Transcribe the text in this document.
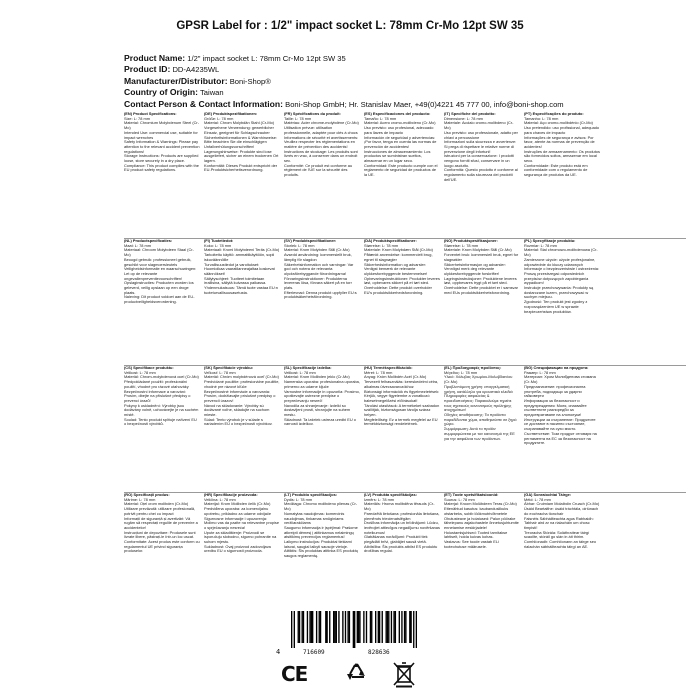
GPSR Label for : 1/2" impact socket L: 78mm Cr-Mo 12pt SW 35
Product Name: 1/2" impact socket L: 78mm Cr-Mo 12pt SW 35
Product ID: DD-A4235WL
Manufacturer/Distributor: Boni-Shop®
Country of Origin: Taiwan
Contact Person & Contact Information: Boni-Shop GmbH; Hr. Stanislav Maer, +49(0)4221 45 777 00, info@boni-shop.com
(EN) Product Specifications:
Size: L: 78 mm
Material: Chromium Molybdenum Steel (Cr-Mo)
Intended Use: commercial use, suitable for impact wrenches
Safety Information & Warnings: Please pay attention to the relevant accident prevention regulations!
Storage Instructions: Products are supplied loose, store securely in a dry place.
Compliance: This product complies with the EU product safety regulations.
(DE) Produktspezifikationen:
Größe: L: 78 mm
Material: Chrom Molybdän Stahl (Cr-Mo)
Vorgesehene Verwendung: gewerblicher Einsatz, geeignet für Schlagschrauber
Sicherheitsinformationen & Warnhinweise: Bitte beachten Sie die einschlägigen Unfallverhütungsvorschriften!
Lagerungshinweise: Produkte sind lose ausgeliefert, sicher an einem trockenen Ort lagern.
Konformität: Dieses Produkt entspricht der EU-Produktsicherheitsverordnung.
(FR) Spécifications du produit:
Taille: L: 78 mm
Matériau: Acier chrome-molybdène (Cr-Mo)
Utilisation prévue: utilisation professionnelle, adaptée pour clés à chocs
Informations de sécurité et avertissements: Veuillez respecter les réglementations en matière de prévention des accidents!
Instructions de stockage: Les produits sont livrés en vrac, à conserver dans un endroit sec.
Conformité: Ce produit est conforme au règlement de l'UE sur la sécurité des produits.
(ES) Especificaciones del producto:
Tamaño: L: 78 mm
Material: Acero cromo-molibdeno (Cr-Mo)
Uso previsto: uso profesional, adecuado para llaves de impacto
Información de seguridad y advertencias: ¡Por favor, tenga en cuenta las normas de prevención de accidentes!
Instrucciones de almacenamiento: Los productos se suministran sueltos, almacenar en un lugar seco.
Conformidad: Este producto cumple con el reglamento de seguridad de productos de la UE.
(IT) Specifiche del prodotto:
Dimensione: L: 78 mm
Materiale: Acciaio cromo-molibdeno (Cr-Mo)
Uso previsto: uso professionale, adatto per chiavi a percussione
Informazioni sulla sicurezza e avvertenze: Si prega di rispettare le relative norme di prevenzione degli infortuni!
Istruzioni per la conservazione: I prodotti vengono forniti sfusi, conservare in un luogo asciutto.
Conformità: Questo prodotto è conforme al regolamento sulla sicurezza dei prodotti dell'UE.
(PT) Especificações do produto:
Tamanho: L: 78 mm
Material: Aço cromo-molibdénio (Cr-Mo)
Uso pretendido: uso profissional, adequado para chaves de impacto
Informações de segurança e avisos: Por favor, atente às normas de prevenção de acidentes!
Instruções de armazenamento: Os produtos são fornecidos soltos, armazenar em local seco.
Conformidade: Este produto está em conformidade com o regulamento de segurança de produtos da UE.
(NL) Productspecificaties:
Maat: L: 78 mm
Materiaal: Chroom Molybdeen Staal (Cr-Mo)
Beoogd gebruik: professioneel gebruik, geschikt voor slagmoersleutels
Veiligheidsinformatie en waarschuwingen: Let op de relevante ongevallenpreventievoorschriften!
Opslaginstructies: Producten worden los geleverd, veilig opslaan op een droge plaats.
Naleving: Dit product voldoet aan de EU-productveiligheidsverordening.
(FI) Tuotetiedot:
Koko: L: 78 mm
Materiaali: Kromi Molybdeeni Teräs (Cr-Mo)
Tarkoitettu käyttö: ammattikäyttöön, sopii iskuväännöille
Turvallisuustiedot ja varoitukset: Huomioikaa vaaratilanneajaltaa koskevat säännökset!
Säilytysohjeet: Tuotteet toimitetaan irrallisina, säilytä kuivassa paikassa.
Yhdenmukaisuus: Tämä tuote vastaa EU:n tuoteturvallisuusasetusta.
(SV) Produktspecifikationer:
Storlek: L: 78 mm
Material: Krom Molybden Stål (Cr-Mo)
Avsedd användning: kommersiellt bruk, lämplig för slagdon
Säkerhetsinformation och varningar: Var god och notera de relevanta olycksförebyggande förordningarna!
Förvaringsinstruktioner: Produkterna levereras lösa, förvara säkert på en torr plats.
Efterlevnad: Denna produkt uppfyller EU:s produktsäkerhetsförordning.
(DA) Produktspecifikationer:
Størrelse: L: 78 mm
Materiale: Krom Molybdæn Stål (Cr-Mo)
Påtænkt anvendelse: kommercielt brug, egnet til slagnøgler
Sikkerhedsinformation og advarsler: Venligst bemærk de relevante ulykkesforebyggende bestemmelser!
Opbevaringsinstruktioner: Produkter leveres løst, opbevares sikkert på et tørt sted.
Overholdelse: Dette produkt overholder EU's produktsikkerhedsforordning.
(NO) Produktspesifikasjoner:
Størrelse: L: 78 mm
Materiale: Krom Molybden Stål (Cr-Mo)
Forventet bruk: kommersiell bruk, egnet for slagnøkler
Sikkerhetsinformasjon og advarsler: Vennligst merk deg relevante ulykkesforebyggende forskrifter!
Lagringsinstruksjoner: Produktene leveres løst, oppbevares trygt på et tørt sted.
Overholdelse: Dette produktet er i samsvar med EUs produktsikkerhetsforordning.
(PL) Specyfikacje produktu:
Rozmiar: L: 78 mm
Materiał: Stal chromowo-molibdenowa (Cr-Mo)
Zamierzone użycie: użycie profesjonalne, odpowiednie do kluczy udarowych
Informacje o bezpieczeństwie i ostrzeżenia: Proszę przestrzegać odpowiednich przepisów dotyczących zapobiegania wypadkom!
Instrukcje przechowywania: Produkty są dostarczane luzem, przechowywać w suchym miejscu.
Zgodność: Ten produkt jest zgodny z rozporządzeniem UE w sprawie bezpieczeństwa produktów.
(CS) Specifikace produktu:
Velikost: L: 78 mm
Materiál: Chrom-molybdenová ocel (Cr-Mo)
Předpokládané použití: profesionální použití, vhodné pro rázové utahováky
Bezpečnostní informace a varování: Prosím, dbejte na příslušné předpisy o prevenci úrazů!
Pokyny k uskladnění: Výrobky jsou dodávány volně, uchovávejte je na suchém místě.
Soulad: Tento produkt splňuje nařízení EU o bezpečnosti výrobků.
(SK) Špecifikácie výrobku:
Veľkosť: L: 78 mm
Materiál: Chróm molybdénová oceľ (Cr-Mo)
Predvídané použitie: profesionálne použitie, vhodné pre rázové kľúče
Bezpečnostné informácie a varovania: Prosím, dodržiavajte príslušné predpisy o prevencii úrazov!
Návod na skladovanie: Výrobky sú dodávané voľne, skladujte na suchom mieste.
Súlad: Tento výrobok je v súlade s nariadením EÚ o bezpečnosti výrobkov.
(SL) Specifikacije izdelka:
Velikost: L: 78 mm
Material: Krom Molibden jeklo (Cr-Mo)
Namenska uporaba: profesionalna uporaba, primerno za udarne ključe
Varnostne informacije in opozorila: Prosimo, upoštevajte ustrezne predpise o preprečevanju nesreč!
Navodila za shranjevanje: Izdelki so dostavljeni prosti, shranjujte na suhem mestu.
Skladnost: Ta izdelek ustreza uredbi EU o varnosti izdelkov.
(HU) Termékspecifikációk:
Méret: L: 78 mm
Anyag: Króm Molibdén Acél (Cr-Mo)
Tervezett felhasználás: kereskedelmi célra, alkalmas ütvecsavarozókhoz
Biztonsági információk és figyelmeztetések: Kérjük, vegye figyelembe a vonatkozó balesetmegelőzési előírásokat!
Tárolási utasítások: A termékeket szabadon szállítják, biztonságosan tárolja száraz helyen.
Megfelelőség: Ez a termék megfelel az EU termékbiztonsági rendeletének.
(EL) Προδιαγραφές προϊόντος:
Μέγεθος: L: 78 mm
Υλικό: Χάλυβας Χρωμίου-Μολυβδαινίου (Cr-Mo)
Προβλεπόμενη χρήση: επαγγελματική χρήση, κατάλληλο για κρουστικά κλειδιά
Πληροφορίες ασφαλείας & προειδοποιήσεις: Παρακαλούμε τηρείτε τους σχετικούς κανονισμούς πρόληψης ατυχημάτων!
Οδηγίες αποθήκευσης: Τα προϊόντα παραδίδονται χύμα, αποθηκεύστε σε ξηρό χώρο.
Συμμόρφωση: Αυτό το προϊόν συμμορφώνεται με τον κανονισμό της ΕΕ για την ασφάλεια των προϊόντων.
(BG) Спецификации на продукта:
Размер: L: 78 mm
Материал: Хром Молибденова стомана (Cr-Mo)
Предназначение: професионална употреба, подходящо за ударни гайковерти
Информация за безопасност и предупреждения: Моля, спазвайте съответните разпоредби за предотвратяване на злополуки!
Инструкции за съхранение: Продуктите се доставят в насипно състояние, съхранявайте на сухо място.
Съответствие: Този продукт отговаря на регламента на ЕС за безопасност на продуктите.
(RO) Specificații produs:
Mărime: L: 78 mm
Material: Oțel crom molibden (Cr-Mo)
Utilizare prevăzută: utilizare profesională, potrivit pentru chei cu impact
Informații de siguranță și avertizări: Vă rugăm să respectați regulile de prevenire a accidentelor!
Instrucțiuni de depozitare: Produsele sunt livrate libere, păstrați-le într-un loc uscat.
Conformitate: Acest produs este conform cu regulamentul UE privind siguranța produselor.
(HR) Specifikacije proizvoda:
Veličina: L: 78 mm
Materijal: Krom Molibden čelik (Cr-Mo)
Predviđena uporaba: za komercijalnu upotrebu, prikladno za udarne odvijače
Sigurnosne informacije i upozorenja: Molimo vas da pazite na relevantne propise o sprječavanju nesreća!
Upute za skladištenje: Proizvodi se isporučuju slobodno, sigurno pohranite na suhom mjestu.
Sukladnost: Ovaj proizvod zadovoljava uredbu EU o sigurnosti proizvoda.
(LT) Produkto specifikacijos:
Dydis: L: 78 mm
Medžiaga: Chromo molibdeno plienas (Cr-Mo)
Numatytas naudojimas: komercinis naudojimas, tinkamas smūginiams veržliarakčiams
Saugumo informacija ir įspėjimai: Prašome atkreipti dėmesį į atitinkamus nelaimingų atsitikimų prevencijos reglamentus!
Laikymo instrukcijos: Produktai tiekiami laisvai, saugiai laikyti sausoje vietoje.
Atitiktis: Šis produktas atitinka ES produktų saugos reglamentą.
(LV) Produkta specifikācijas:
Izmērs: L: 78 mm
Materiāls: Hroma molibdēna tērauds (Cr-Mo)
Paredzētā lietošana: profesionāla lietošana, piemērots triecienatslēgām
Drošības informācija un brīdinājumi: Lūdzu, ievērojiet attiecīgos negadījumu novēršanas noteikumus!
Glabāšanas norādījumi: Produkti tiek piegādāti brīvi, glabājiet sausā vietā.
Atbilstība: Šis produkts atbilst ES produktu drošības regulai.
(ET) Toote spetsifikatsioonid:
Suurus: L: 78 mm
Materjal: Kroom Molübdeen Teras (Cr-Mo)
Ettenähtud kasutus: kaubanduslikuks otstarbeks, sobib löökmutrivõtmetele
Ohutusteave ja hoiatused: Palun pöörake tähelepanu asjakohastele õnnetusjuhtumite ennetamise eeskirjadele!
Hoiustamisjuhised: Tooted tarnitakse lahtiselt, hoida kuivas kohas.
Vastavus: See toode vastab ELi tooteohutuse määrusele.
(GA) Sonraíochtaí Táirge:
Méid: L: 78 mm
Ábhar: Cruimiam Molaibdín Cruach (Cr-Mo)
Úsáid Beartaithe: úsáid tráchtála, oiriúnach do eochracha tionchair
Faisnéis Sábháilteachta agus Rabhaidh: Tabhair aird ar na rialacháin um chosc timpistí!
Treoracha Stórála: Soláthraítear táirgí scaoilte, stóráil go slán in áit thirim.
Comhlíonadh: Comhlíonann an táirge seo rialachán sábháilteachta táirgí an AE.
4	716609	828636
CE
